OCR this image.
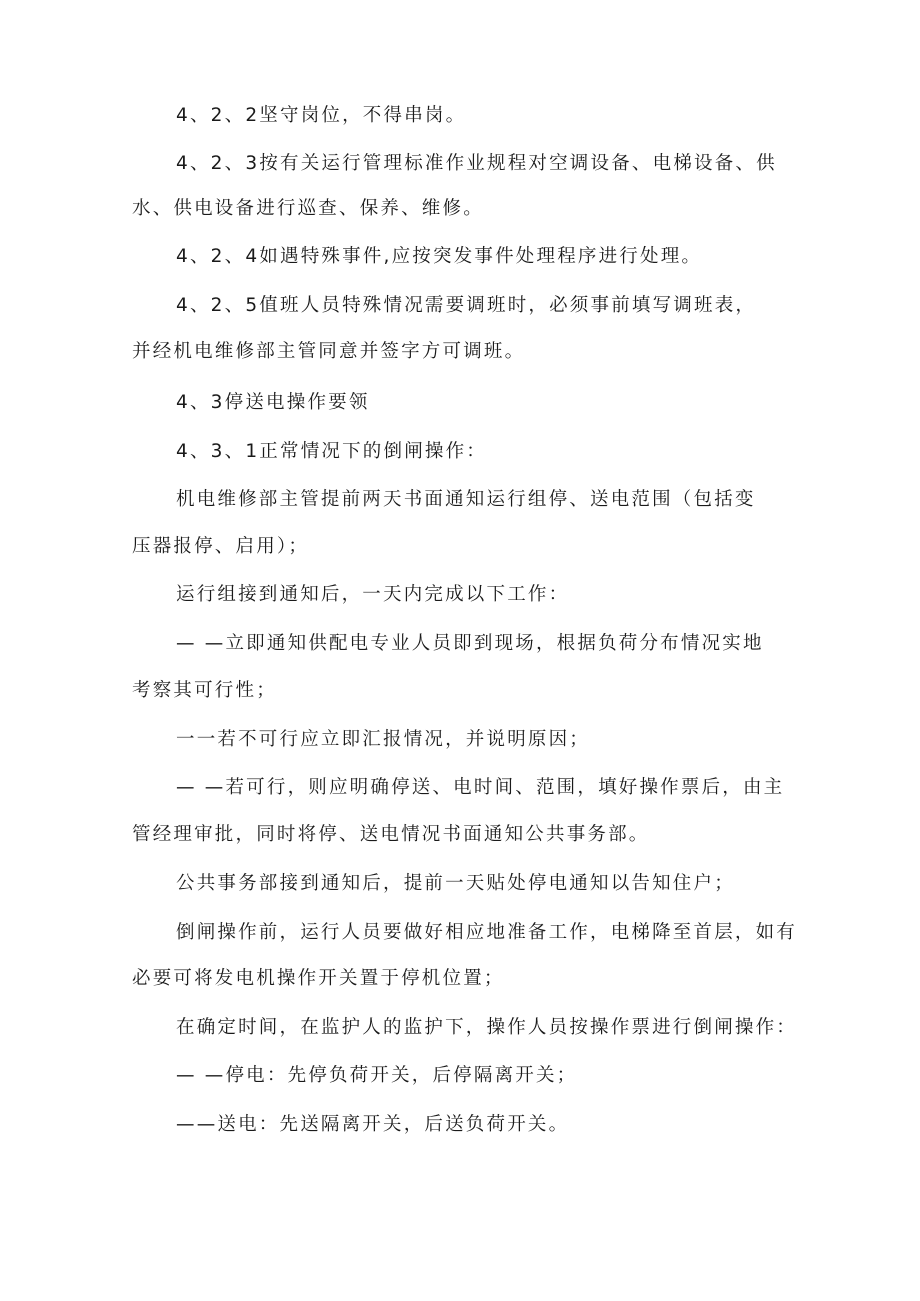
4、2、2坚守岗位，不得串岗。
4、2、3按有关运行管理标准作业规程对空调设备、电梯设备、供
水、供电设备进行巡查、保养、维修。
4、2、4如遇特殊事件,应按突发事件处理程序进行处理。
4、2、5值班人员特殊情况需要调班时，必须事前填写调班表，
并经机电维修部主管同意并签字方可调班。
4、3停送电操作要领
4、3、1正常情况下的倒闸操作：
机电维修部主管提前两天书面通知运行组停、送电范围（包括变
压器报停、启用）；
运行组接到通知后，一天内完成以下工作：
— —立即通知供配电专业人员即到现场，根据负荷分布情况实地
考察其可行性；
一一若不可行应立即汇报情况，并说明原因；
— —若可行，则应明确停送、电时间、范围，填好操作票后，由主
管经理审批，同时将停、送电情况书面通知公共事务部。
公共事务部接到通知后，提前一天贴处停电通知以告知住户；
倒闸操作前，运行人员要做好相应地准备工作，电梯降至首层，如有
必要可将发电机操作开关置于停机位置；
在确定时间，在监护人的监护下，操作人员按操作票进行倒闸操作：
— —停电：先停负荷开关，后停隔离开关；
——送电：先送隔离开关，后送负荷开关。
